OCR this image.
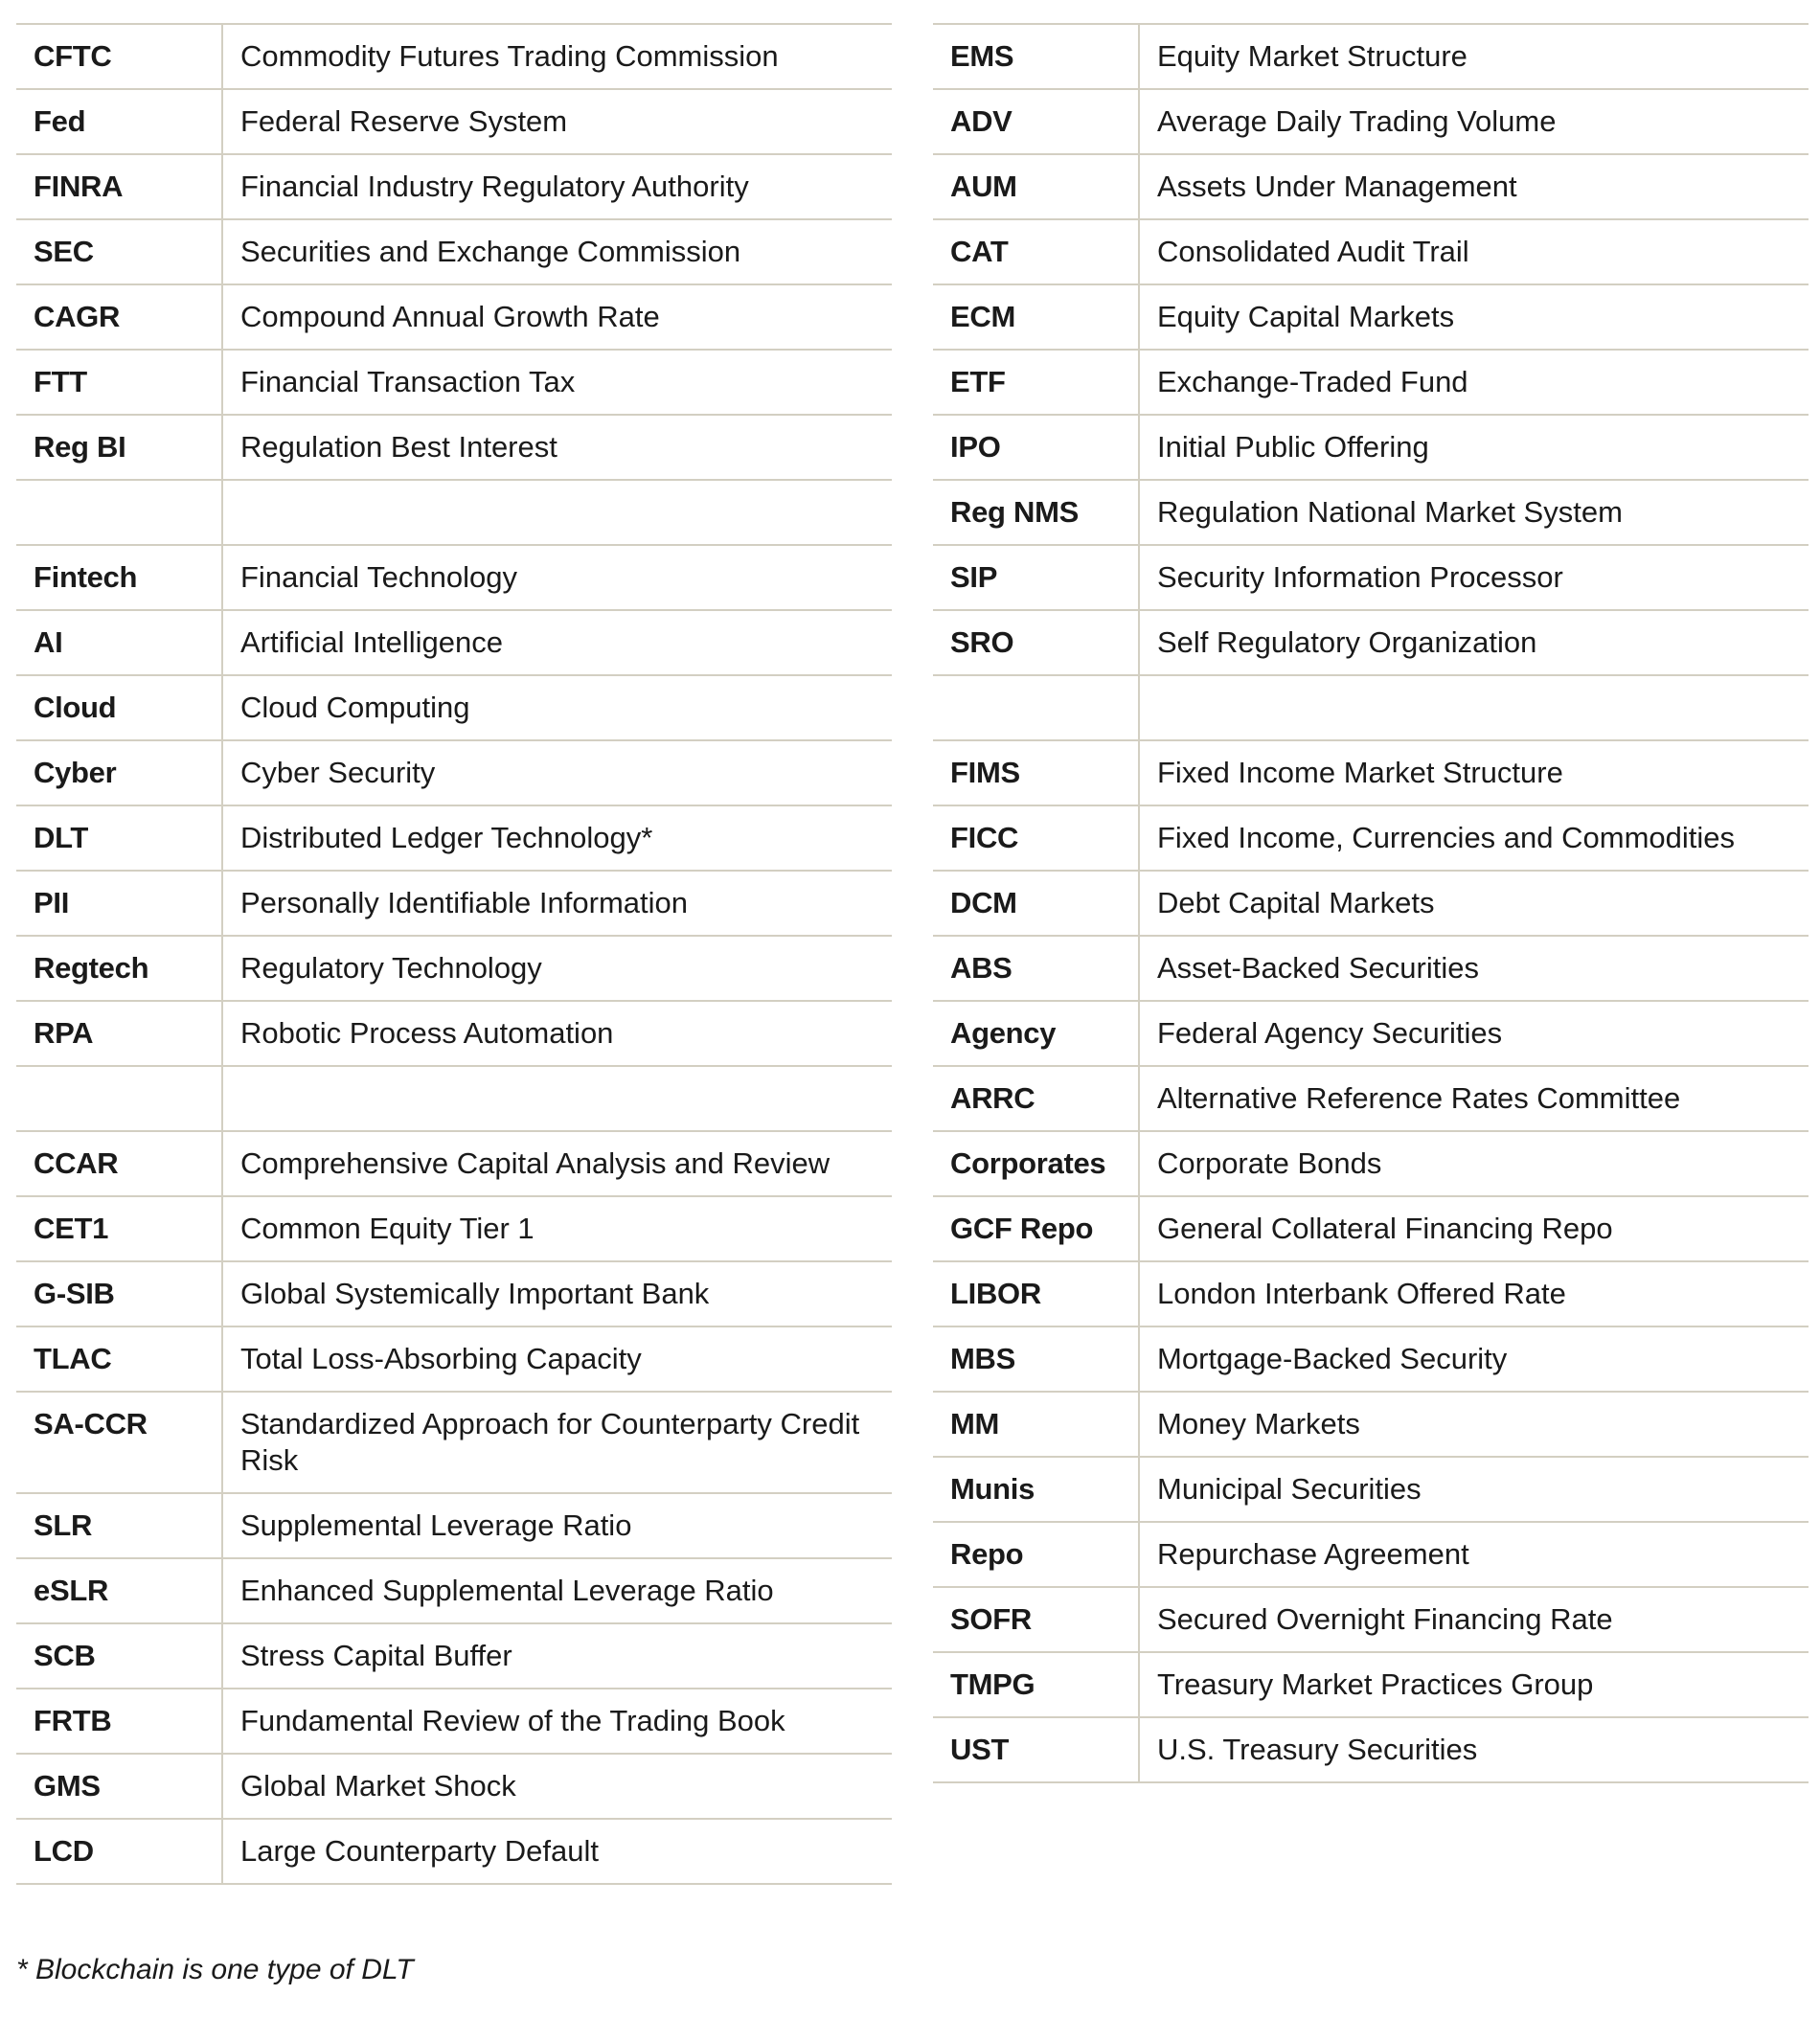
CFTC	Commodity Futures Trading Commission
Fed	Federal Reserve System
FINRA	Financial Industry Regulatory Authority
SEC	Securities and Exchange Commission
CAGR	Compound Annual Growth Rate
FTT	Financial Transaction Tax
Reg BI	Regulation Best Interest

Fintech	Financial Technology
AI	Artificial Intelligence
Cloud	Cloud Computing
Cyber	Cyber Security
DLT	Distributed Ledger Technology*
PII	Personally Identifiable Information
Regtech	Regulatory Technology
RPA	Robotic Process Automation

CCAR	Comprehensive Capital Analysis and Review
CET1	Common Equity Tier 1
G-SIB	Global Systemically Important Bank
TLAC	Total Loss-Absorbing Capacity
SA-CCR	Standardized Approach for Counterparty Credit Risk
SLR	Supplemental Leverage Ratio
eSLR	Enhanced Supplemental Leverage Ratio
SCB	Stress Capital Buffer
FRTB	Fundamental Review of the Trading Book
GMS	Global Market Shock
LCD	Large Counterparty Default
EMS	Equity Market Structure
ADV	Average Daily Trading Volume
AUM	Assets Under Management
CAT	Consolidated Audit Trail
ECM	Equity Capital Markets
ETF	Exchange-Traded Fund
IPO	Initial Public Offering
Reg NMS	Regulation National Market System
SIP	Security Information Processor
SRO	Self Regulatory Organization

FIMS	Fixed Income Market Structure
FICC	Fixed Income, Currencies and Commodities
DCM	Debt Capital Markets
ABS	Asset-Backed Securities
Agency	Federal Agency Securities
ARRC	Alternative Reference Rates Committee
Corporates	Corporate Bonds
GCF Repo	General Collateral Financing Repo
LIBOR	London Interbank Offered Rate
MBS	Mortgage-Backed Security
MM	Money Markets
Munis	Municipal Securities
Repo	Repurchase Agreement
SOFR	Secured Overnight Financing Rate
TMPG	Treasury Market Practices Group
UST	U.S. Treasury Securities
* Blockchain is one type of DLT
